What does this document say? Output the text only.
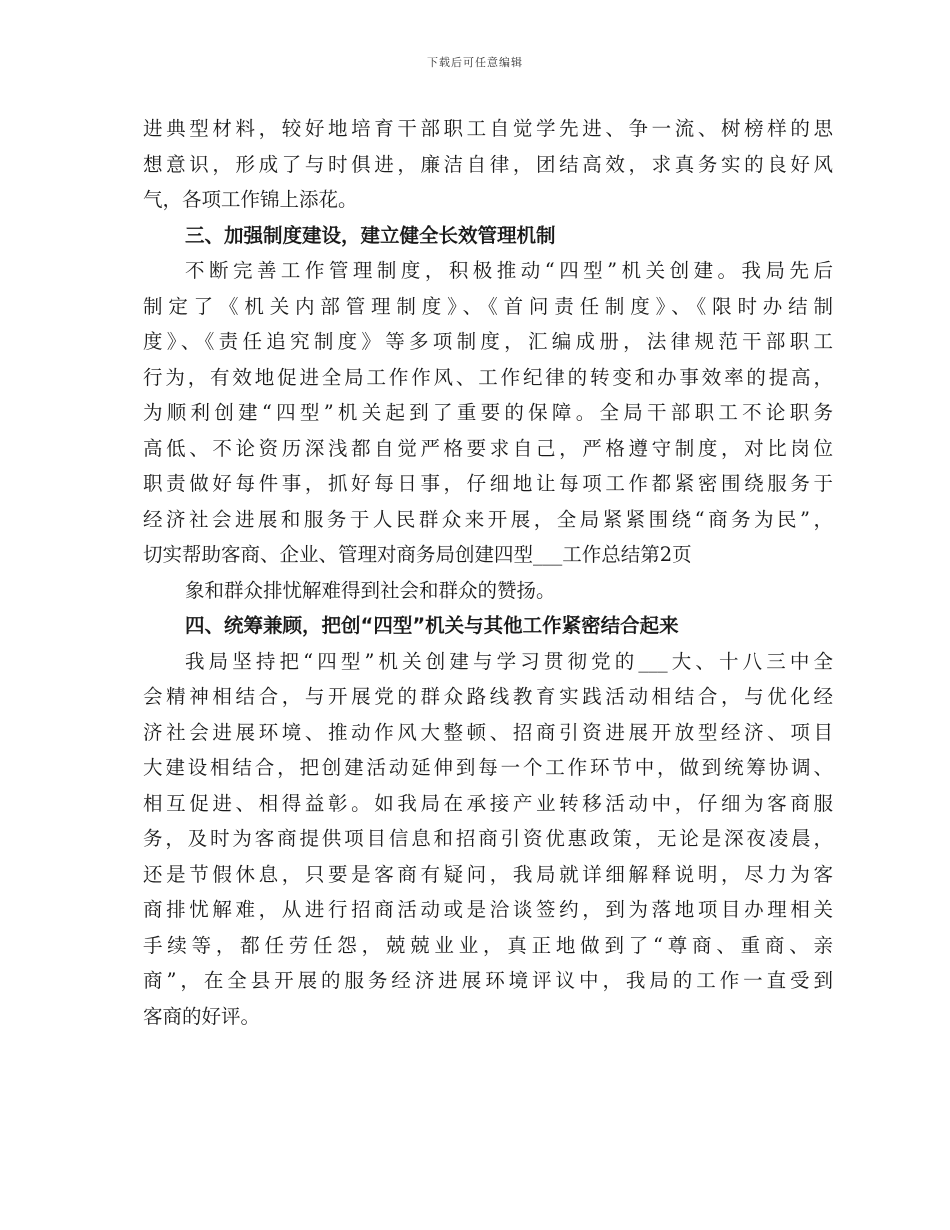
下载后可任意编辑
进典型材料，较好地培育干部职工自觉学先进、争一流、树榜样的思
想意识，形成了与时俱进，廉洁自律，团结高效，求真务实的良好风
气，各项工作锦上添花。
三、加强制度建设，建立健全长效管理机制
不断完善工作管理制度，积极推动“四型”机关创建。我局先后
制定了《机关内部管理制度》、《首问责任制度》、《限时办结制
度》、《责任追究制度》等多项制度，汇编成册，法律规范干部职工
行为，有效地促进全局工作作风、工作纪律的转变和办事效率的提高，
为顺利创建“四型”机关起到了重要的保障。全局干部职工不论职务
高低、不论资历深浅都自觉严格要求自己，严格遵守制度，对比岗位
职责做好每件事，抓好每日事，仔细地让每项工作都紧密围绕服务于
经济社会进展和服务于人民群众来开展，全局紧紧围绕“商务为民”，
切实帮助客商、企业、管理对商务局创建四型___工作总结第2页
象和群众排忧解难得到社会和群众的赞扬。
四、统筹兼顾，把创“四型”机关与其他工作紧密结合起来
我局坚持把“四型”机关创建与学习贯彻党的___大、十八三中全
会精神相结合，与开展党的群众路线教育实践活动相结合，与优化经
济社会进展环境、推动作风大整顿、招商引资进展开放型经济、项目
大建设相结合，把创建活动延伸到每一个工作环节中，做到统筹协调、
相互促进、相得益彰。如我局在承接产业转移活动中，仔细为客商服
务，及时为客商提供项目信息和招商引资优惠政策，无论是深夜凌晨，
还是节假休息，只要是客商有疑问，我局就详细解释说明，尽力为客
商排忧解难，从进行招商活动或是洽谈签约，到为落地项目办理相关
手续等，都任劳任怨，兢兢业业，真正地做到了“尊商、重商、亲
商”，在全县开展的服务经济进展环境评议中，我局的工作一直受到
客商的好评。
